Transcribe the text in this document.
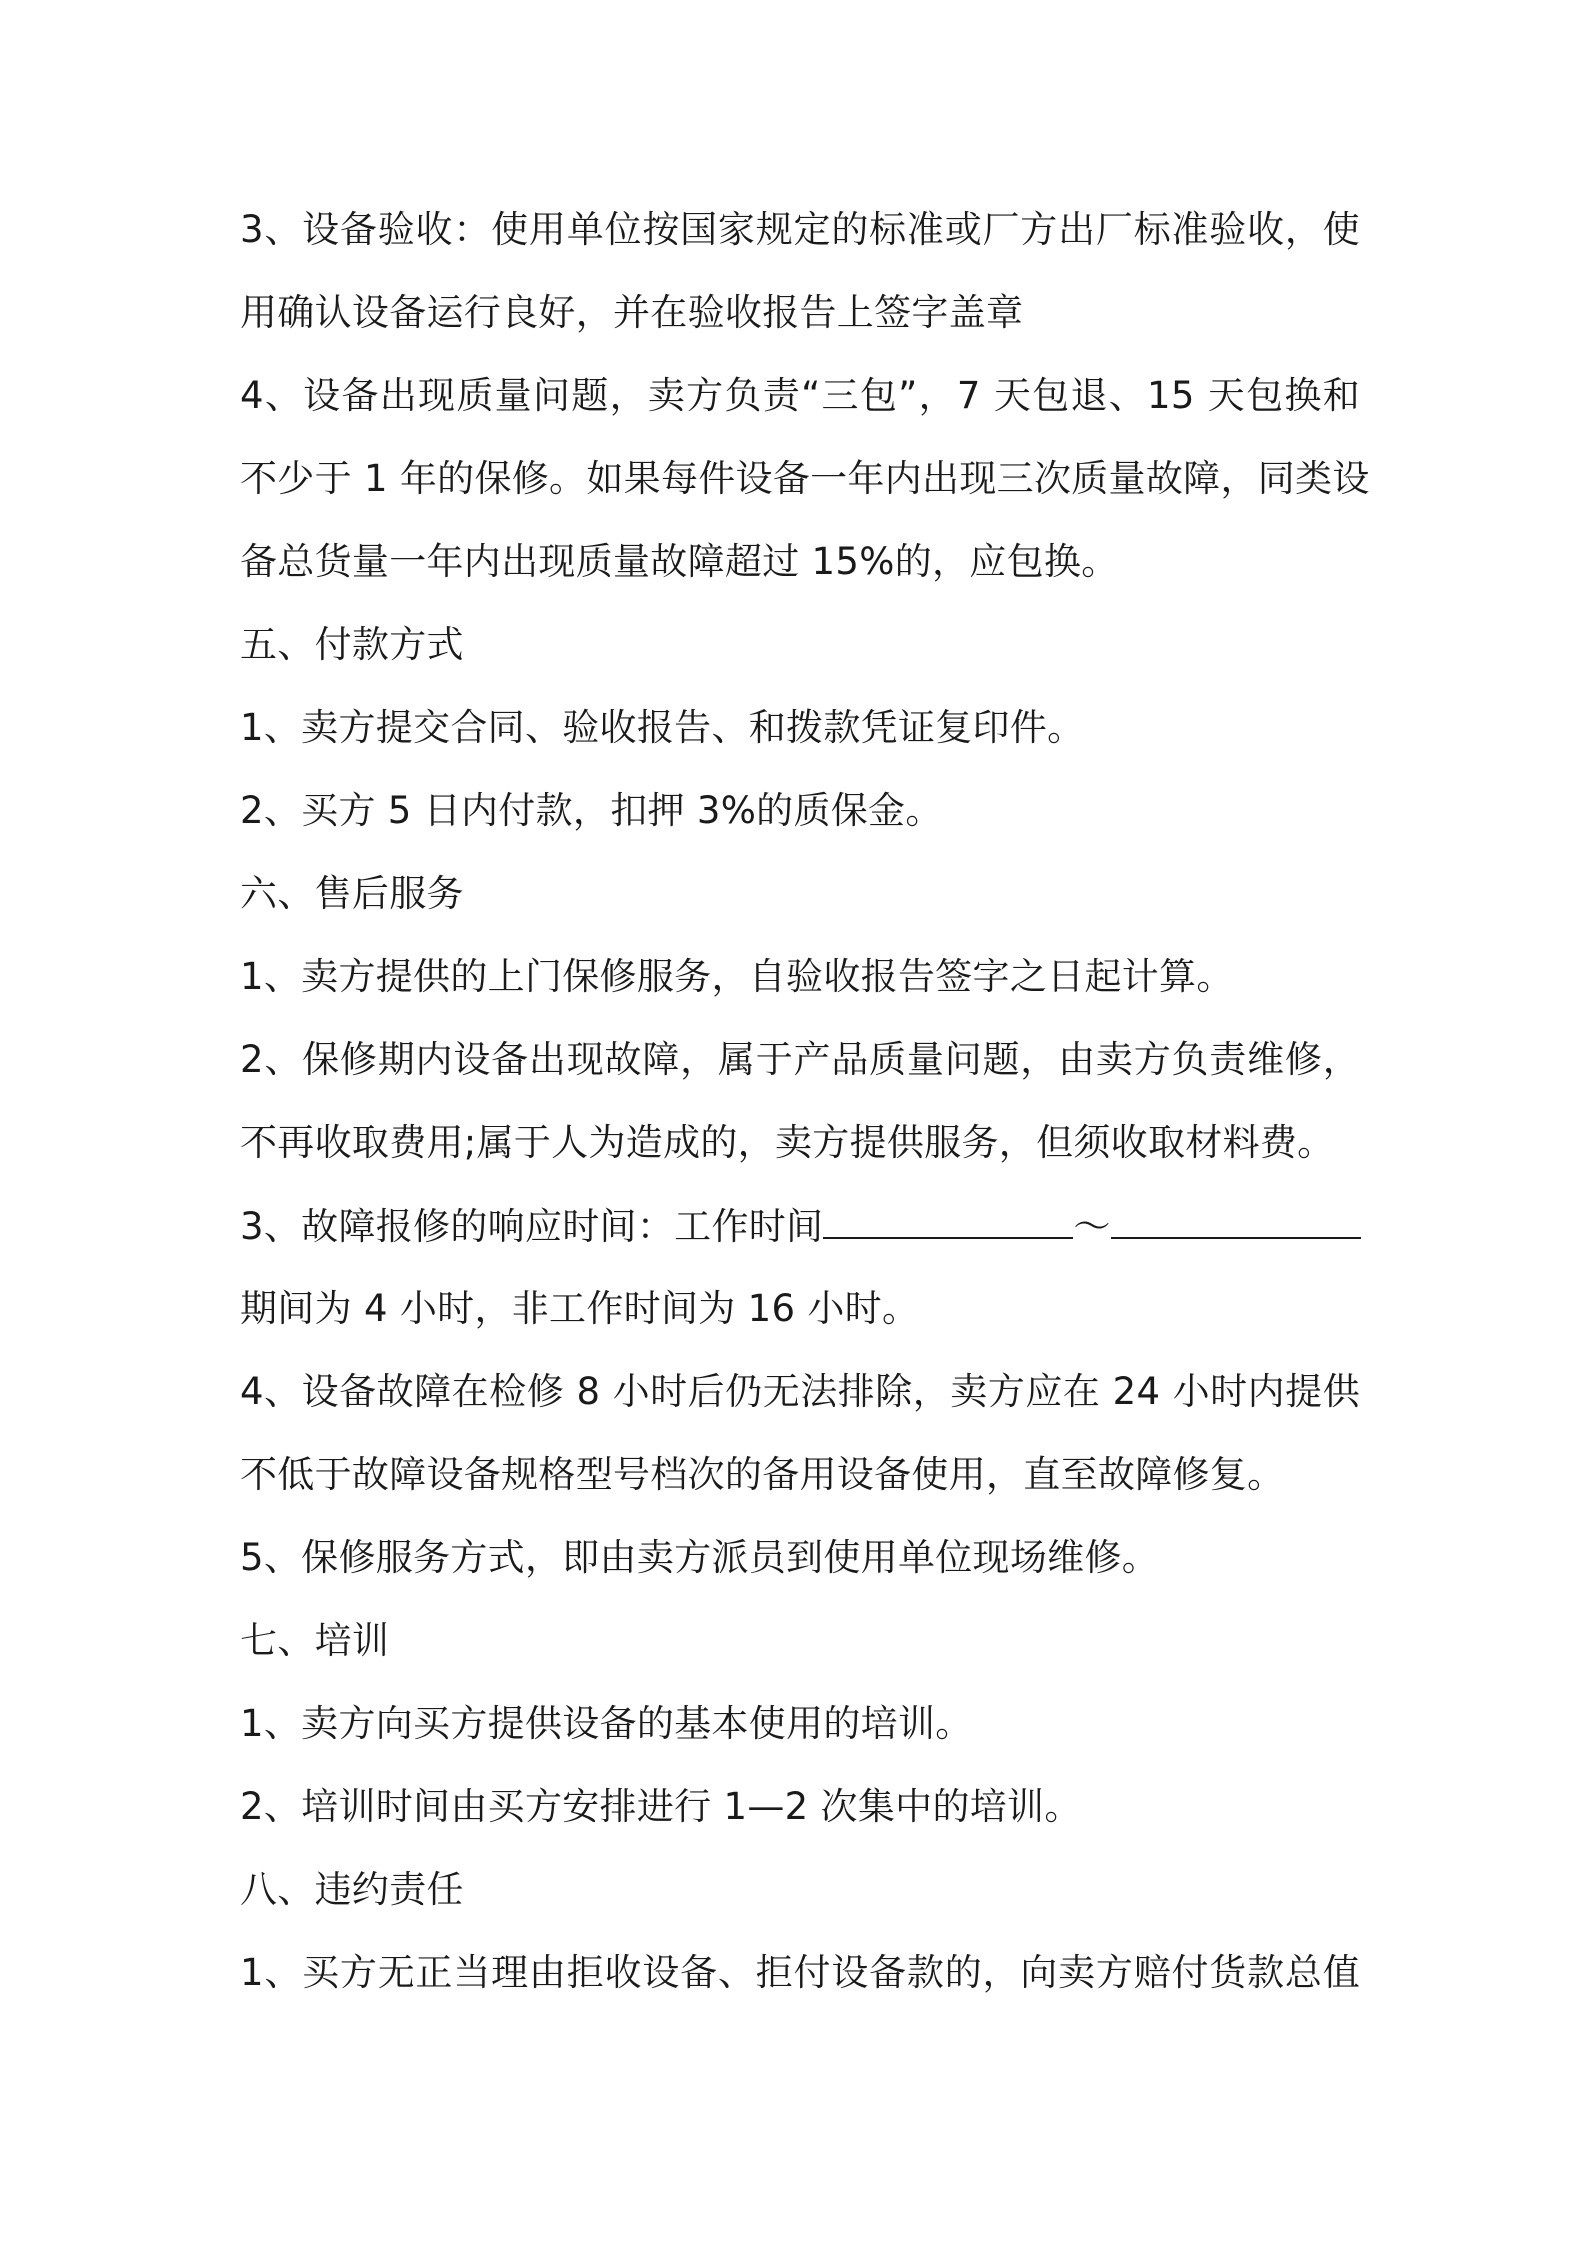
3、设备验收：使用单位按国家规定的标准或厂方出厂标准验收，使
用确认设备运行良好，并在验收报告上签字盖章
4、设备出现质量问题，卖方负责“三包”，7 天包退、15 天包换和
不少于 1 年的保修。如果每件设备一年内出现三次质量故障，同类设
备总货量一年内出现质量故障超过 15%的，应包换。
五、付款方式
1、卖方提交合同、验收报告、和拨款凭证复印件。
2、买方 5 日内付款，扣押 3%的质保金。
六、售后服务
1、卖方提供的上门保修服务，自验收报告签字之日起计算。
2、保修期内设备出现故障，属于产品质量问题，由卖方负责维修，
不再收取费用;属于人为造成的，卖方提供服务，但须收取材料费。
3、故障报修的响应时间：工作时间	～
期间为 4 小时，非工作时间为 16 小时。
4、设备故障在检修 8 小时后仍无法排除，卖方应在 24 小时内提供
不低于故障设备规格型号档次的备用设备使用，直至故障修复。
5、保修服务方式，即由卖方派员到使用单位现场维修。
七、培训
1、卖方向买方提供设备的基本使用的培训。
2、培训时间由买方安排进行 1—2 次集中的培训。
八、违约责任
1、买方无正当理由拒收设备、拒付设备款的，向卖方赔付货款总值
